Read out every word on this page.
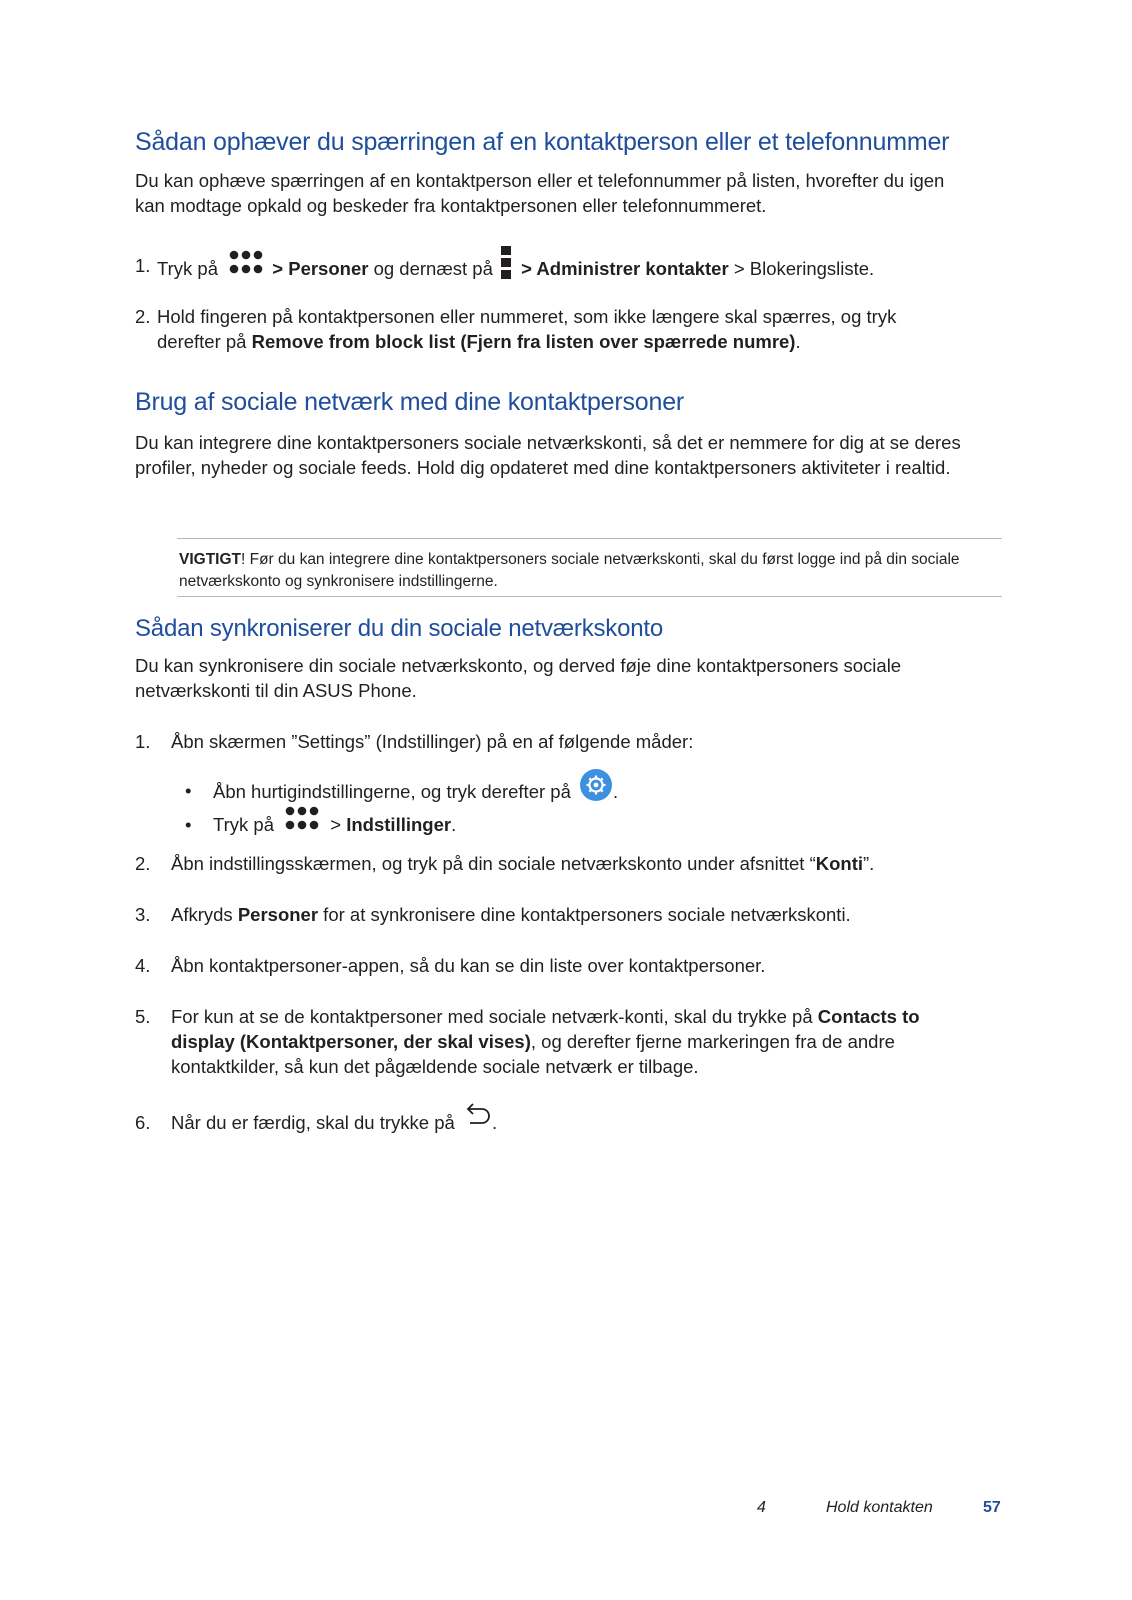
Sådan ophæver du spærringen af en kontaktperson eller et telefonnummer

Du kan ophæve spærringen af en kontaktperson eller et telefonnummer på listen, hvorefter du igen kan modtage opkald og beskeder fra kontaktpersonen eller telefonnummeret.

1. Tryk på	> Personer og dernæst på > Administrer kontakter > Blokeringsliste.
2. Hold fingeren på kontaktpersonen eller nummeret, som ikke længere skal spærres, og tryk derefter på Remove from block list (Fjern fra listen over spærrede numre).
Brug af sociale netværk med dine kontaktpersoner

Du kan integrere dine kontaktpersoners sociale netværkskonti, så det er nemmere for dig at se deres profiler, nyheder og sociale feeds. Hold dig opdateret med dine kontaktpersoners aktiviteter i realtid.

VIGTIGT! Før du kan integrere dine kontaktpersoners sociale netværkskonti, skal du først logge ind på din sociale netværkskonto og synkronisere indstillingerne.
Sådan synkroniserer du din sociale netværkskonto

Du kan synkronisere din sociale netværkskonto, og derved føje dine kontaktpersoners sociale netværkskonti til din ASUS Phone.

1. Åbn skærmen ”Settings” (Indstillinger) på en af følgende måder:
• Åbn hurtigindstillingerne, og tryk derefter på .
• Tryk på	> Indstillinger.
2. Åbn indstillingsskærmen, og tryk på din sociale netværkskonto under afsnittet “Konti”.
3. Afkryds Personer for at synkronisere dine kontaktpersoners sociale netværkskonti.
4. Åbn kontaktpersoner-appen, så du kan se din liste over kontaktpersoner.
5. For kun at se de kontaktpersoner med sociale netværk-konti, skal du trykke på Contacts to display (Kontaktpersoner, der skal vises), og derefter fjerne markeringen fra de andre kontaktkilder, så kun det pågældende sociale netværk er tilbage.
6. Når du er færdig, skal du trykke på .
4	Hold kontakten	57
